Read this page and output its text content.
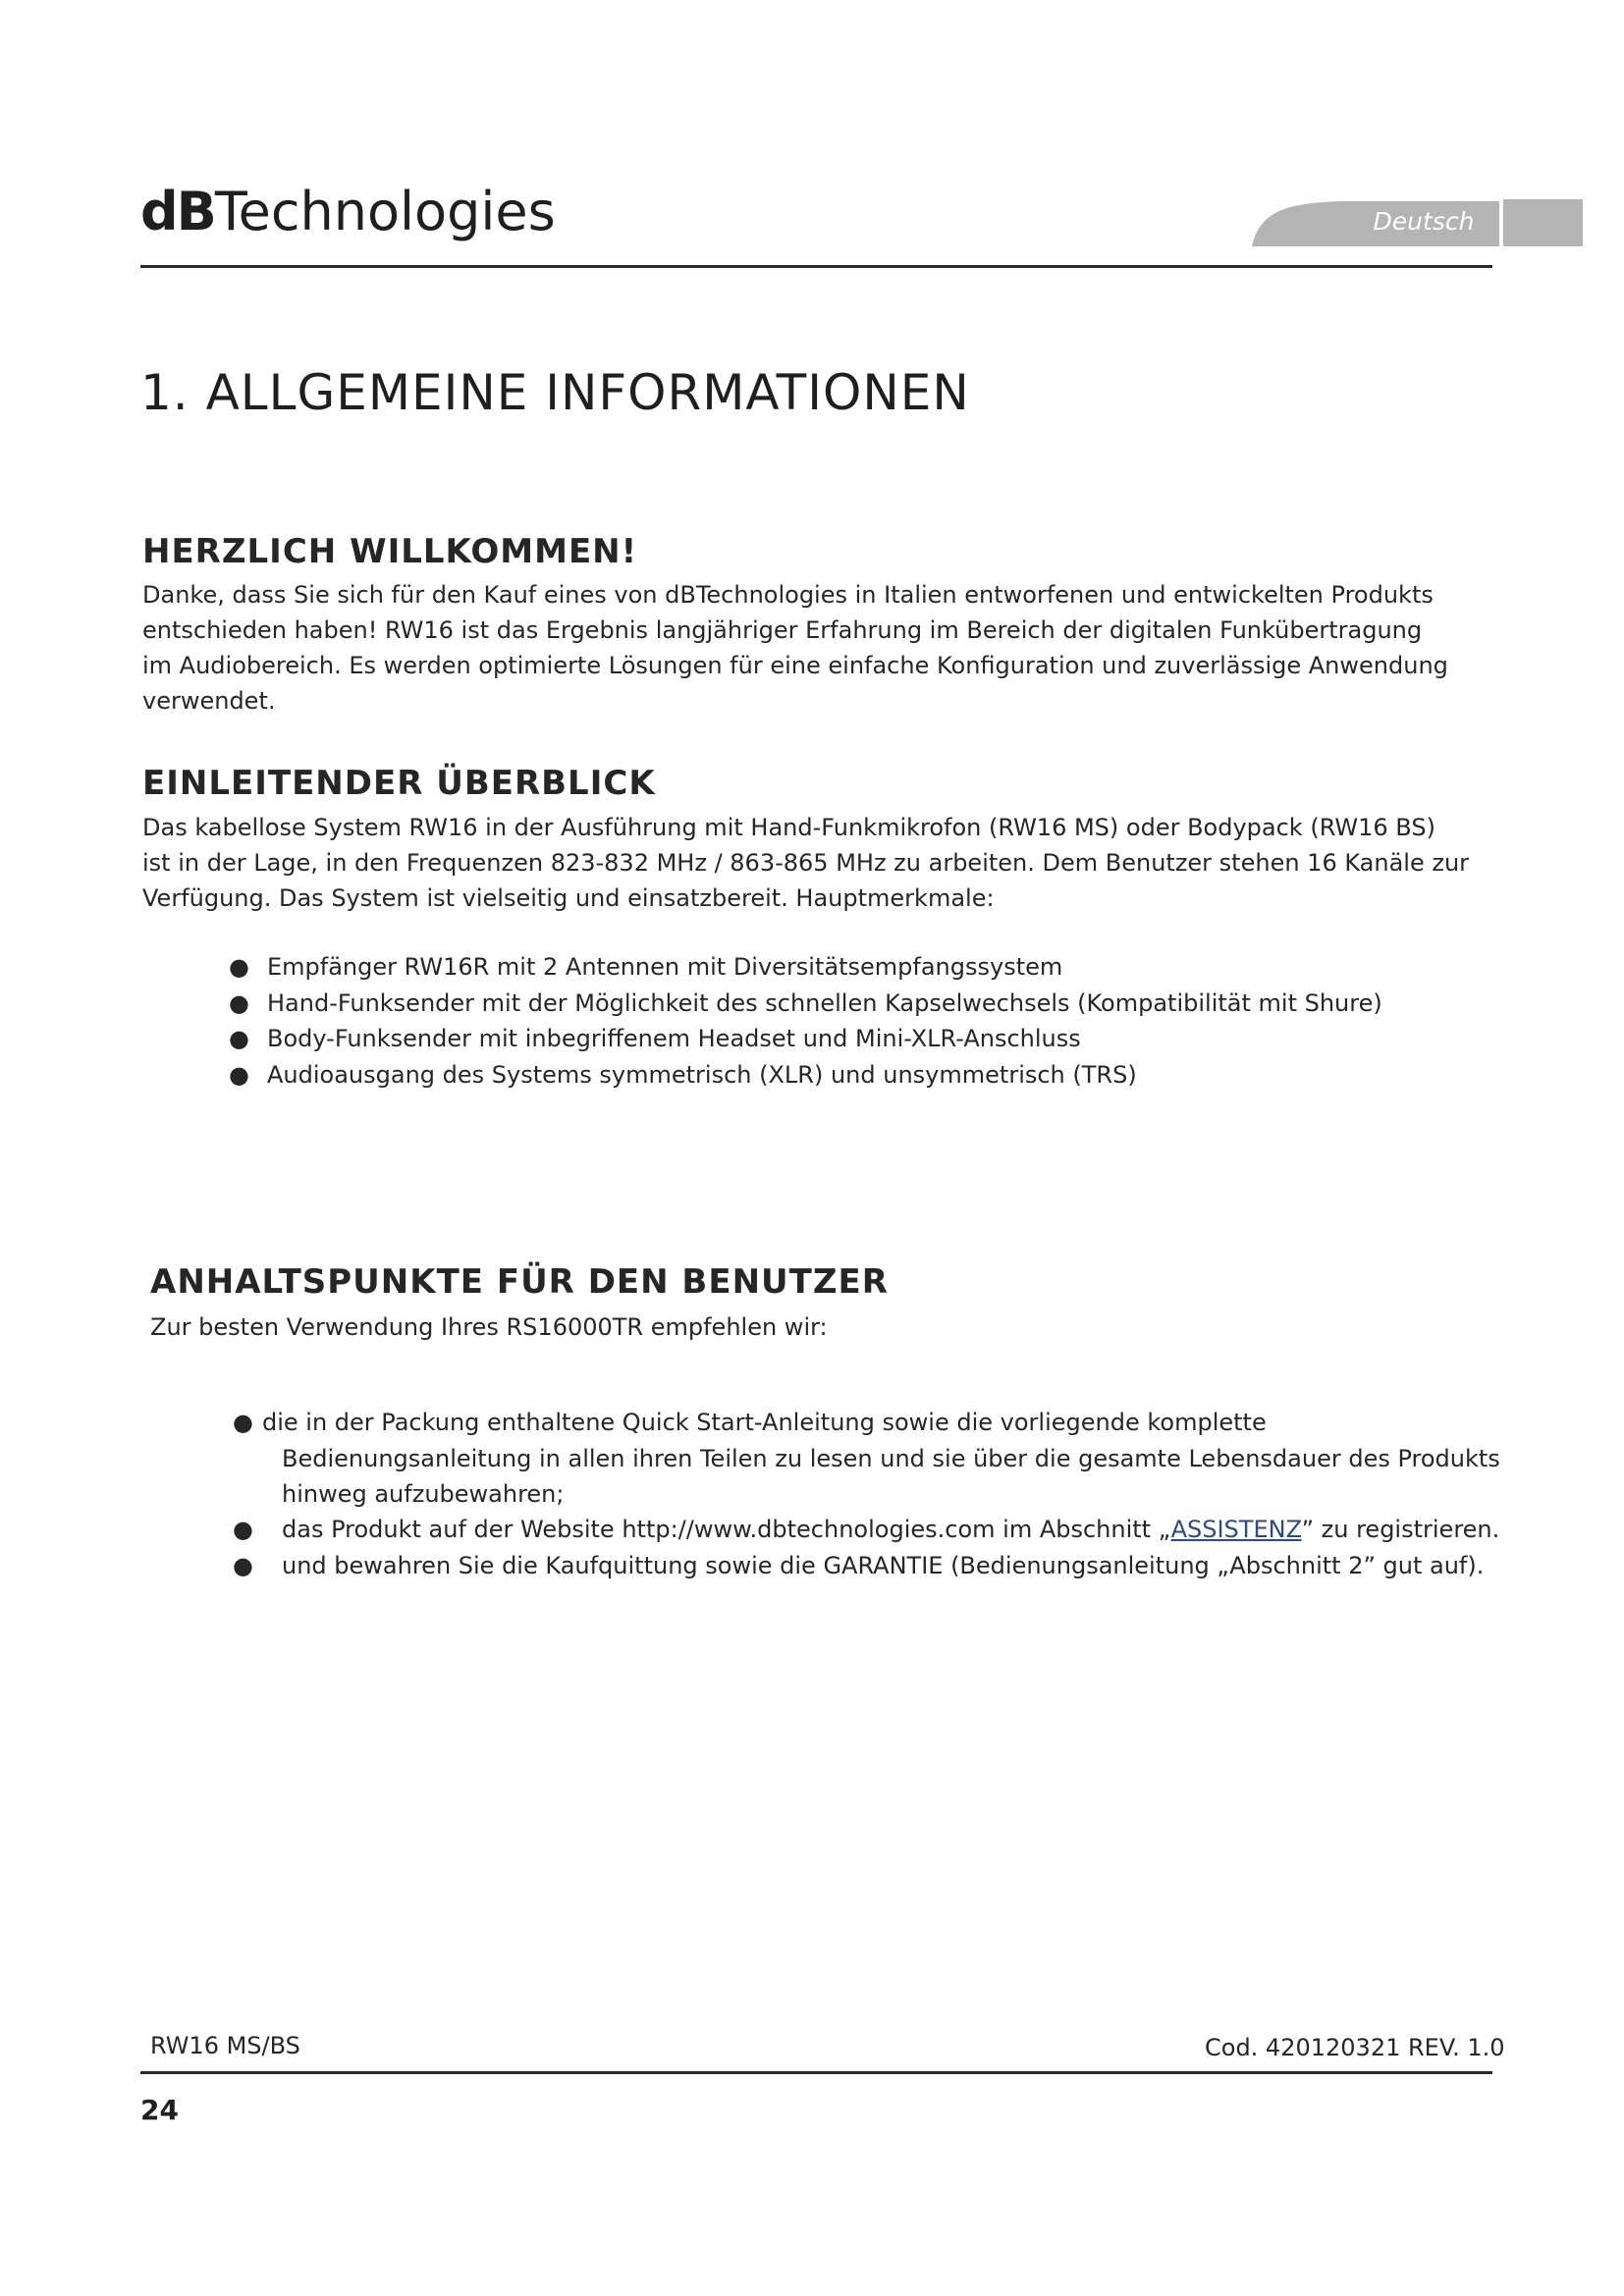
dBTechnologies	Deutsch
1. ALLGEMEINE INFORMATIONEN
HERZLICH WILLKOMMEN!
Danke, dass Sie sich für den Kauf eines von dBTechnologies in Italien entworfenen und entwickelten Produkts
entschieden haben! RW16 ist das Ergebnis langjähriger Erfahrung im Bereich der digitalen Funkübertragung
im Audiobereich. Es werden optimierte Lösungen für eine einfache Konfiguration und zuverlässige Anwendung
verwendet.
EINLEITENDER ÜBERBLICK
Das kabellose System RW16 in der Ausführung mit Hand-Funkmikrofon (RW16 MS) oder Bodypack (RW16 BS)
ist in der Lage, in den Frequenzen 823-832 MHz / 863-865 MHz zu arbeiten. Dem Benutzer stehen 16 Kanäle zur
Verfügung. Das System ist vielseitig und einsatzbereit. Hauptmerkmale:
● Empfänger RW16R mit 2 Antennen mit Diversitätsempfangssystem
● Hand-Funksender mit der Möglichkeit des schnellen Kapselwechsels (Kompatibilität mit Shure)
● Body-Funksender mit inbegriffenem Headset und Mini-XLR-Anschluss
● Audioausgang des Systems symmetrisch (XLR) und unsymmetrisch (TRS)
ANHALTSPUNKTE FÜR DEN BENUTZER
Zur besten Verwendung Ihres RS16000TR empfehlen wir:
● die in der Packung enthaltene Quick Start-Anleitung sowie die vorliegende komplette
Bedienungsanleitung in allen ihren Teilen zu lesen und sie über die gesamte Lebensdauer des Produkts
hinweg aufzubewahren;
● das Produkt auf der Website http://www.dbtechnologies.com im Abschnitt „ASSISTENZ” zu registrieren.
● und bewahren Sie die Kaufquittung sowie die GARANTIE (Bedienungsanleitung „Abschnitt 2” gut auf).
RW16 MS/BS	Cod. 420120321 REV. 1.0
24
